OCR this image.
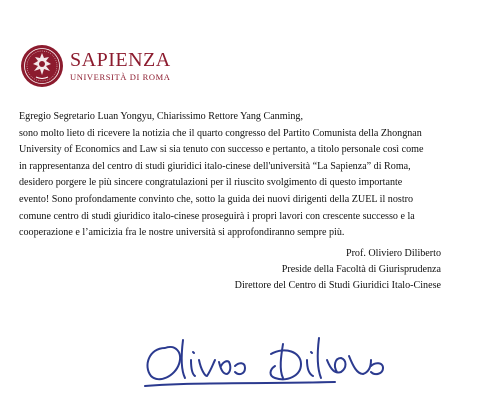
SAPIENZA
UNIVERSITÀ DI ROMA

Egregio Segretario Luan Yongyu, Chiarissimo Rettore Yang Canming,

sono molto lieto di ricevere la notizia che il quarto congresso del Partito Comunista della Zhongnan

University of Economics and Law si sia tenuto con successo e pertanto, a titolo personale così come

in rappresentanza del centro di studi giuridici italo-cinese dell'università “La Sapienza” di Roma,

desidero porgere le più sincere congratulazioni per il riuscito svolgimento di questo importante

evento! Sono profondamente convinto che, sotto la guida dei nuovi dirigenti della ZUEL il nostro

comune centro di studi giuridico italo-cinese proseguirà i propri lavori con crescente successo e la

cooperazione e l’amicizia fra le nostre università si approfondiranno sempre più.

Prof. Oliviero Diliberto
Preside della Facoltà di Giurisprudenza
Direttore del Centro di Studi Giuridici Italo-Cinese
